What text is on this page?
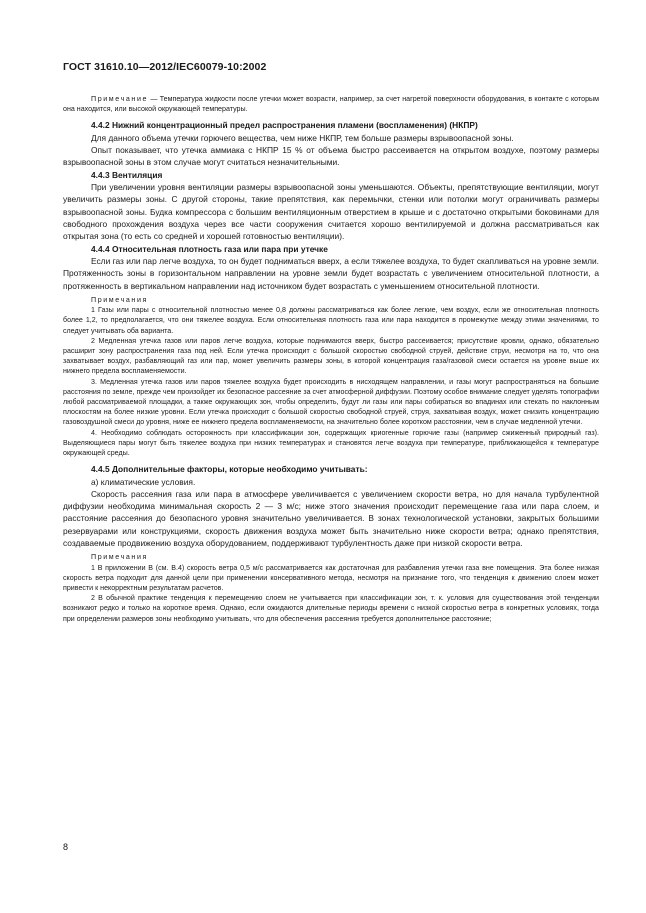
ГОСТ 31610.10—2012/IEC60079-10:2002

Примечание — Температура жидкости после утечки может возрасти, например, за счет нагретой поверхности оборудования, в контакте с которым она находится, или высокой окружающей температуры.

4.4.2 Нижний концентрационный предел распространения пламени (воспламенения) (НКПР)

Для данного объема утечки горючего вещества, чем ниже НКПР, тем больше размеры взрывоопасной зоны.

Опыт показывает, что утечка аммиака с НКПР 15 % от объема быстро рассеивается на открытом воздухе, поэтому размеры взрывоопасной зоны в этом случае могут считаться незначительными.

4.4.3 Вентиляция

При увеличении уровня вентиляции размеры взрывоопасной зоны уменьшаются. Объекты, препятствующие вентиляции, могут увеличить размеры зоны. С другой стороны, такие препятствия, как перемычки, стенки или потолки могут ограничивать размеры взрывоопасной зоны. Будка компрессора с большим вентиляционным отверстием в крыше и с достаточно открытыми боковинами для свободного прохождения воздуха через все части сооружения считается хорошо вентилируемой и должна рассматриваться как открытая зона (то есть со средней и хорошей готовностью вентиляции).

4.4.4 Относительная плотность газа или пара при утечке

Если газ или пар легче воздуха, то он будет подниматься вверх, а если тяжелее воздуха, то будет скапливаться на уровне земли. Протяженность зоны в горизонтальном направлении на уровне земли будет возрастать с увеличением относительной плотности, а протяженность в вертикальном направлении над источником будет возрастать с уменьшением относительной плотности.

Примечания

1 Газы или пары с относительной плотностью менее 0,8 должны рассматриваться как более легкие, чем воздух, если же относительная плотность более 1,2, то предполагается, что они тяжелее воздуха. Если относительная плотность газа или пара находится в промежутке между этими значениями, то следует учитывать оба варианта.

2 Медленная утечка газов или паров легче воздуха, которые поднимаются вверх, быстро рассеивается; присутствие кровли, однако, обязательно расширит зону распространения газа под ней. Если утечка происходит с большой скоростью свободной струей, действие струи, несмотря на то, что она захватывает воздух, разбавляющий газ или пар, может увеличить размеры зоны, в которой концентрация газа/газовой смеси остается на уровне выше их нижнего предела воспламеняемости.

3. Медленная утечка газов или паров тяжелее воздуха будет происходить в нисходящем направлении, и газы могут распространяться на большие расстояния по земле, прежде чем произойдет их безопасное рассеяние за счет атмосферной диффузии. Поэтому особое внимание следует уделять топографии любой рассматриваемой площадки, а также окружающих зон, чтобы определить, будут ли газы или пары собираться во впадинах или стекать по наклонным плоскостям на более низкие уровни. Если утечка происходит с большой скоростью свободной струей, струя, захватывая воздух, может снизить концентрацию газовоздушной смеси до уровня, ниже ее нижнего предела воспламеняемости, на значительно более коротком расстоянии, чем в случае медленной утечки.

4. Необходимо соблюдать осторожность при классификации зон, содержащих криогенные горючие газы (например сжиженный природный газ). Выделяющиеся пары могут быть тяжелее воздуха при низких температурах и становятся легче воздуха при температуре, приближающейся к температуре окружающей среды.

4.4.5 Дополнительные факторы, которые необходимо учитывать:

а) климатические условия.

Скорость рассеяния газа или пара в атмосфере увеличивается с увеличением скорости ветра, но для начала турбулентной диффузии необходима минимальная скорость 2 — 3 м/с; ниже этого значения происходит перемещение газа или пара слоем, и расстояние рассеяния до безопасного уровня значительно увеличивается. В зонах технологической установки, закрытых большими резервуарами или конструкциями, скорость движения воздуха может быть значительно ниже скорости ветра; однако препятствия, создаваемые продвижению воздуха оборудованием, поддерживают турбулентность даже при низкой скорости ветра.

Примечания

1 В приложении В (см. В.4) скорость ветра 0,5 м/с рассматривается как достаточная для разбавления утечки газа вне помещения. Эта более низкая скорость ветра подходит для данной цели при применении консервативного метода, несмотря на признание того, что тенденция к движению слоем может привести к некорректным результатам расчетов.

2 В обычной практике тенденция к перемещению слоем не учитывается при классификации зон, т. к. условия для существования этой тенденции возникают редко и только на короткое время. Однако, если ожидаются длительные периоды времени с низкой скоростью ветра в конкретных условиях, тогда при определении размеров зоны необходимо учитывать, что для обеспечения рассеяния требуется дополнительное расстояние;

8
